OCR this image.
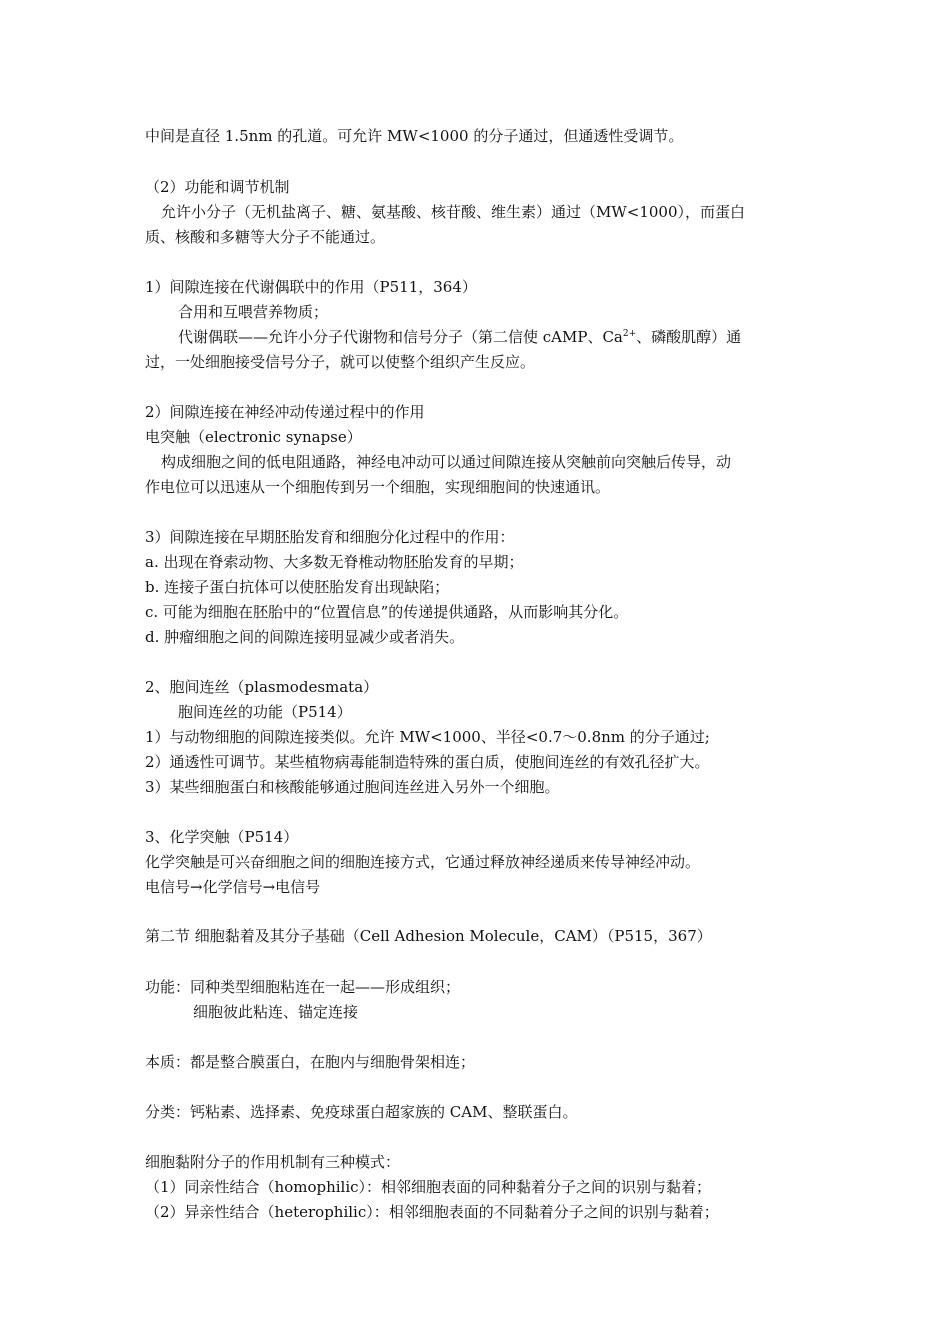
中间是直径 1.5nm 的孔道。可允许 MW<1000 的分子通过，但通透性受调节。
（2）功能和调节机制
允许小分子（无机盐离子、糖、氨基酸、核苷酸、维生素）通过（MW<1000），而蛋白
质、核酸和多糖等大分子不能通过。
1）间隙连接在代谢偶联中的作用（P511，364）
合用和互喂营养物质；
代谢偶联——允许小分子代谢物和信号分子（第二信使 cAMP、$Ca^{2+}$、磷酸肌醇）通
过，一处细胞接受信号分子，就可以使整个组织产生反应。
2）间隙连接在神经冲动传递过程中的作用
电突触（electronic synapse）
构成细胞之间的低电阻通路，神经电冲动可以通过间隙连接从突触前向突触后传导，动
作电位可以迅速从一个细胞传到另一个细胞，实现细胞间的快速通讯。
3）间隙连接在早期胚胎发育和细胞分化过程中的作用：
a. 出现在脊索动物、大多数无脊椎动物胚胎发育的早期；
b. 连接子蛋白抗体可以使胚胎发育出现缺陷；
c. 可能为细胞在胚胎中的“位置信息”的传递提供通路，从而影响其分化。
d. 肿瘤细胞之间的间隙连接明显减少或者消失。
2、胞间连丝（plasmodesmata）
胞间连丝的功能（P514）
1）与动物细胞的间隙连接类似。允许 MW<1000、半径<0.7～0.8nm 的分子通过;
2）通透性可调节。某些植物病毒能制造特殊的蛋白质，使胞间连丝的有效孔径扩大。
3）某些细胞蛋白和核酸能够通过胞间连丝进入另外一个细胞。
3、化学突触（P514）
化学突触是可兴奋细胞之间的细胞连接方式，它通过释放神经递质来传导神经冲动。
电信号→化学信号→电信号
第二节 细胞黏着及其分子基础（Cell Adhesion Molecule，CAM）（P515，367）
功能：同种类型细胞粘连在一起——形成组织；
细胞彼此粘连、锚定连接
本质：都是整合膜蛋白，在胞内与细胞骨架相连；
分类：钙粘素、选择素、免疫球蛋白超家族的 CAM、整联蛋白。
细胞黏附分子的作用机制有三种模式：
（1）同亲性结合（homophilic）：相邻细胞表面的同种黏着分子之间的识别与黏着；
（2）异亲性结合（heterophilic）：相邻细胞表面的不同黏着分子之间的识别与黏着；
